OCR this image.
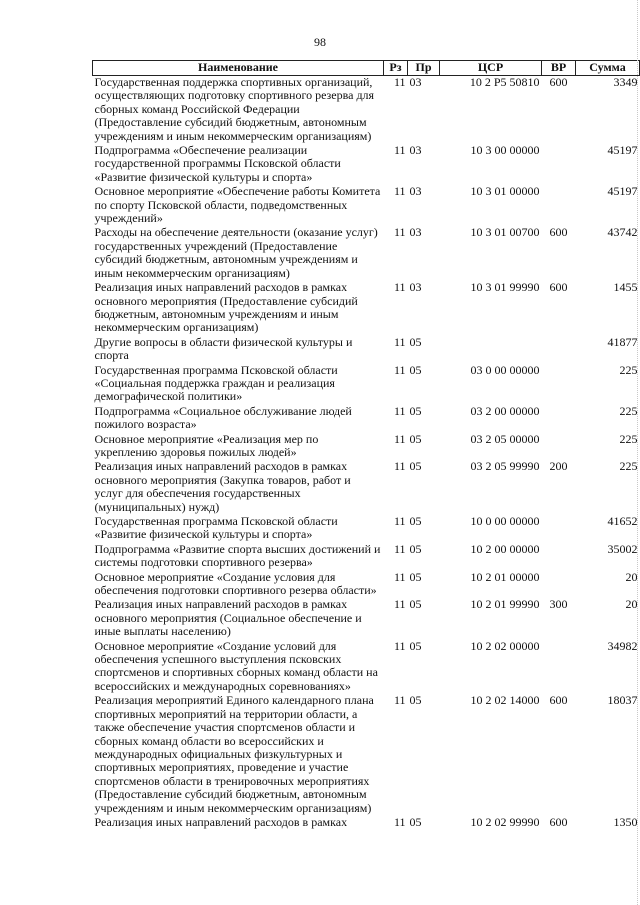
98
Наименование	Рз	Пр	ЦСР	ВР	Сумма
Государственная поддержка спортивных организаций, осуществляющих подготовку спортивного резерва для сборных команд Российской Федерации (Предоставление субсидий бюджетным, автономным учреждениям и иным некоммерческим организациям)	11	03	10 2 P5 50810	600	3349
Подпрограмма «Обеспечение реализации государственной программы Псковской области «Развитие физической культуры и спорта»	11	03	10 3 00 00000		45197
Основное мероприятие «Обеспечение работы Комитета по спорту Псковской области, подведомственных учреждений»	11	03	10 3 01 00000		45197
Расходы на обеспечение деятельности (оказание услуг) государственных учреждений (Предоставление субсидий бюджетным, автономным учреждениям и иным некоммерческим организациям)	11	03	10 3 01 00700	600	43742
Реализация иных направлений расходов в рамках основного мероприятия (Предоставление субсидий бюджетным, автономным учреждениям и иным некоммерческим организациям)	11	03	10 3 01 99990	600	1455
Другие вопросы в области физической культуры и спорта	11	05			41877
Государственная программа Псковской области «Социальная поддержка граждан и реализация демографической политики»	11	05	03 0 00 00000		225
Подпрограмма «Социальное обслуживание людей пожилого возраста»	11	05	03 2 00 00000		225
Основное мероприятие «Реализация мер по укреплению здоровья пожилых людей»	11	05	03 2 05 00000		225
Реализация иных направлений расходов в рамках основного мероприятия (Закупка товаров, работ и услуг для обеспечения государственных (муниципальных) нужд)	11	05	03 2 05 99990	200	225
Государственная программа Псковской области «Развитие физической культуры и спорта»	11	05	10 0 00 00000		41652
Подпрограмма «Развитие спорта высших достижений и системы подготовки спортивного резерва»	11	05	10 2 00 00000		35002
Основное мероприятие «Создание условия для обеспечения подготовки спортивного резерва области»	11	05	10 2 01 00000		20
Реализация иных направлений расходов в рамках основного мероприятия (Социальное обеспечение и иные выплаты населению)	11	05	10 2 01 99990	300	20
Основное мероприятие «Создание условий для обеспечения успешного выступления псковских спортсменов и спортивных сборных команд области на всероссийских и международных соревнованиях»	11	05	10 2 02 00000		34982
Реализация мероприятий Единого календарного плана спортивных мероприятий на территории области, а также обеспечение участия спортсменов области и сборных команд области во всероссийских и международных официальных физкультурных и спортивных мероприятиях, проведение и участие спортсменов области в тренировочных мероприятиях (Предоставление субсидий бюджетным, автономным учреждениям и иным некоммерческим организациям)	11	05	10 2 02 14000	600	18037
Реализация иных направлений расходов в рамках	11	05	10 2 02 99990	600	1350
